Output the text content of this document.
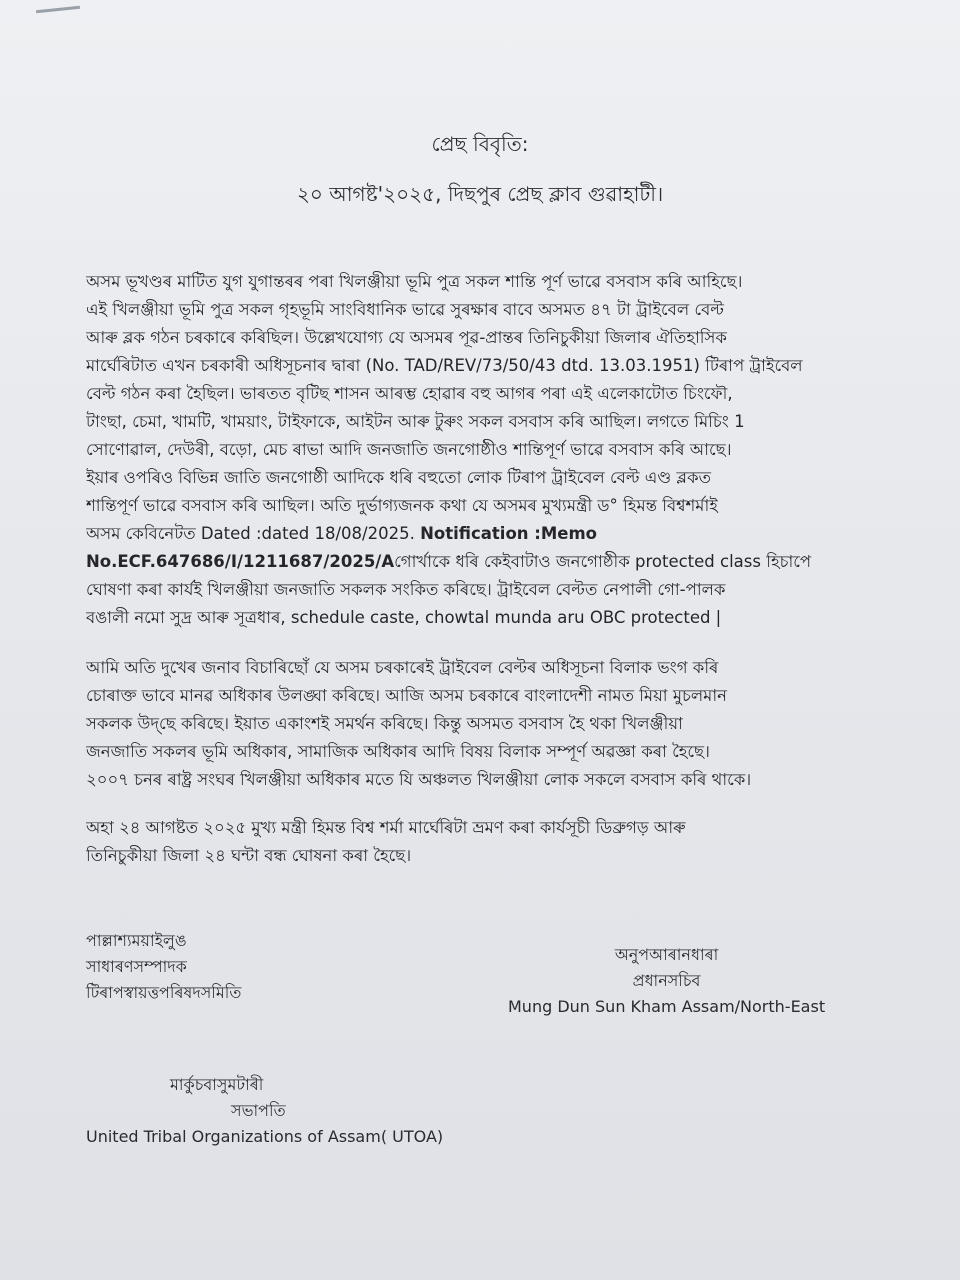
প্ৰেছ বিবৃতি:
২০ আগষ্ট'২০২৫, দিছপুৰ প্ৰেছ ক্লাব গুৱাহাটী।
অসম ভূখণ্ডৰ মাটিত যুগ যুগান্তৰৰ পৰা খিলঞ্জীয়া ভূমি পুত্ৰ সকল শান্তি পূৰ্ণ ভাৱে বসবাস কৰি আহিছে।
এই খিলঞ্জীয়া ভূমি পুত্ৰ সকল গৃহভূমি সাংবিধানিক ভাৱে সুৰক্ষাৰ বাবে অসমত ৪৭ টা ট্ৰাইবেল বেল্ট
আৰু ব্লক গঠন চৰকাৰে কৰিছিল। উল্লেখযোগ্য যে অসমৰ পূৱ-প্ৰান্তৰ তিনিচুকীয়া জিলাৰ ঐতিহাসিক
মাৰ্ঘেৰিটাত এখন চৰকাৰী অধিসূচনাৰ দ্বাৰা (No. TAD/REV/73/50/43 dtd. 13.03.1951) টিৰাপ ট্ৰাইবেল
বেল্ট গঠন কৰা হৈছিল। ভাৰতত বৃটিছ শাসন আৰম্ভ হোৱাৰ বহু আগৰ পৰা এই এলেকাটোত চিংফৌ,
টাংছা, চেমা, খামটি, খাময়াং, টাইফাকে, আইটন আৰু টুৰুং সকল বসবাস কৰি আছিল। লগতে মিচিং 1
সোণোৱাল, দেউৰী, বড়ো, মেচ ৰাভা আদি জনজাতি জনগোষ্ঠীও শান্তিপূৰ্ণ ভাৱে বসবাস কৰি আছে।
ইয়াৰ ওপৰিও বিভিন্ন জাতি জনগোষ্ঠী আদিকে ধৰি বহুতো লোক টিৰাপ ট্ৰাইবেল বেল্ট এণ্ড ব্লকত
শান্তিপূৰ্ণ ভাৱে বসবাস কৰি আছিল। অতি দুৰ্ভাগ্যজনক কথা যে অসমৰ মুখ্যমন্ত্ৰী ড° হিমন্ত বিশ্বশৰ্মাই
অসম কেবিনেটত Dated :dated 18/08/2025. Notification :Memo
No.ECF.647686/I/1211687/2025/Aগোৰ্খাকে ধৰি কেইবাটাও জনগোষ্ঠীক protected class হিচাপে
ঘোষণা কৰা কাৰ্যই খিলঞ্জীয়া জনজাতি সকলক সংকিত কৰিছে। ট্ৰাইবেল বেল্টত নেপালী গো-পালক
বঙালী নমো সুদ্ৰ আৰু সূত্ৰধাৰ, schedule caste, chowtal munda aru OBC protected |
আমি অতি দুখেৰ জনাব বিচাৰিছোঁ যে অসম চৰকাৰেই ট্ৰাইবেল বেল্টৰ অধিসূচনা বিলাক ভংগ কৰি
চোৰাক্ত ভাবে মানৱ অধিকাৰ উলঙ্ঘা কৰিছে। আজি অসম চৰকাৰে বাংলাদেশী নামত মিয়া মুচলমান
সকলক উদ্‌ছে কৰিছে। ইয়াত একাংশই সমৰ্থন কৰিছে। কিন্তু অসমত বসবাস হৈ থকা খিলঞ্জীয়া
জনজাতি সকলৰ ভূমি অধিকাৰ, সামাজিক অধিকাৰ আদি বিষয় বিলাক সম্পূৰ্ণ অৱজ্ঞা কৰা হৈছে।
২০০৭ চনৰ ৰাষ্ট্ৰ সংঘৰ খিলঞ্জীয়া অধিকাৰ মতে যি অঞ্চলত খিলঞ্জীয়া লোক সকলে বসবাস কৰি থাকে।
অহা ২৪ আগষ্টত ২০২৫ মুখ্য মন্ত্ৰী হিমন্ত বিশ্ব শৰ্মা মাৰ্ঘেৰিটা ভ্ৰমণ কৰা কাৰ্যসূচী ডিব্ৰুগড় আৰু
তিনিচুকীয়া জিলা ২৪ ঘন্টা বন্ধ ঘোষনা কৰা হৈছে।
পাল্লাশ্যময়াইলুঙ
সাধাৰণসম্পাদক
টিৰাপস্বায়ত্তপৰিষদসমিতি
অনুপআৰানধাৰা
প্ৰধানসচিব
Mung Dun Sun Kham Assam/North-East
মাৰ্কুচবাসুমটাৰী
সভাপতি
United Tribal Organizations of Assam( UTOA)
